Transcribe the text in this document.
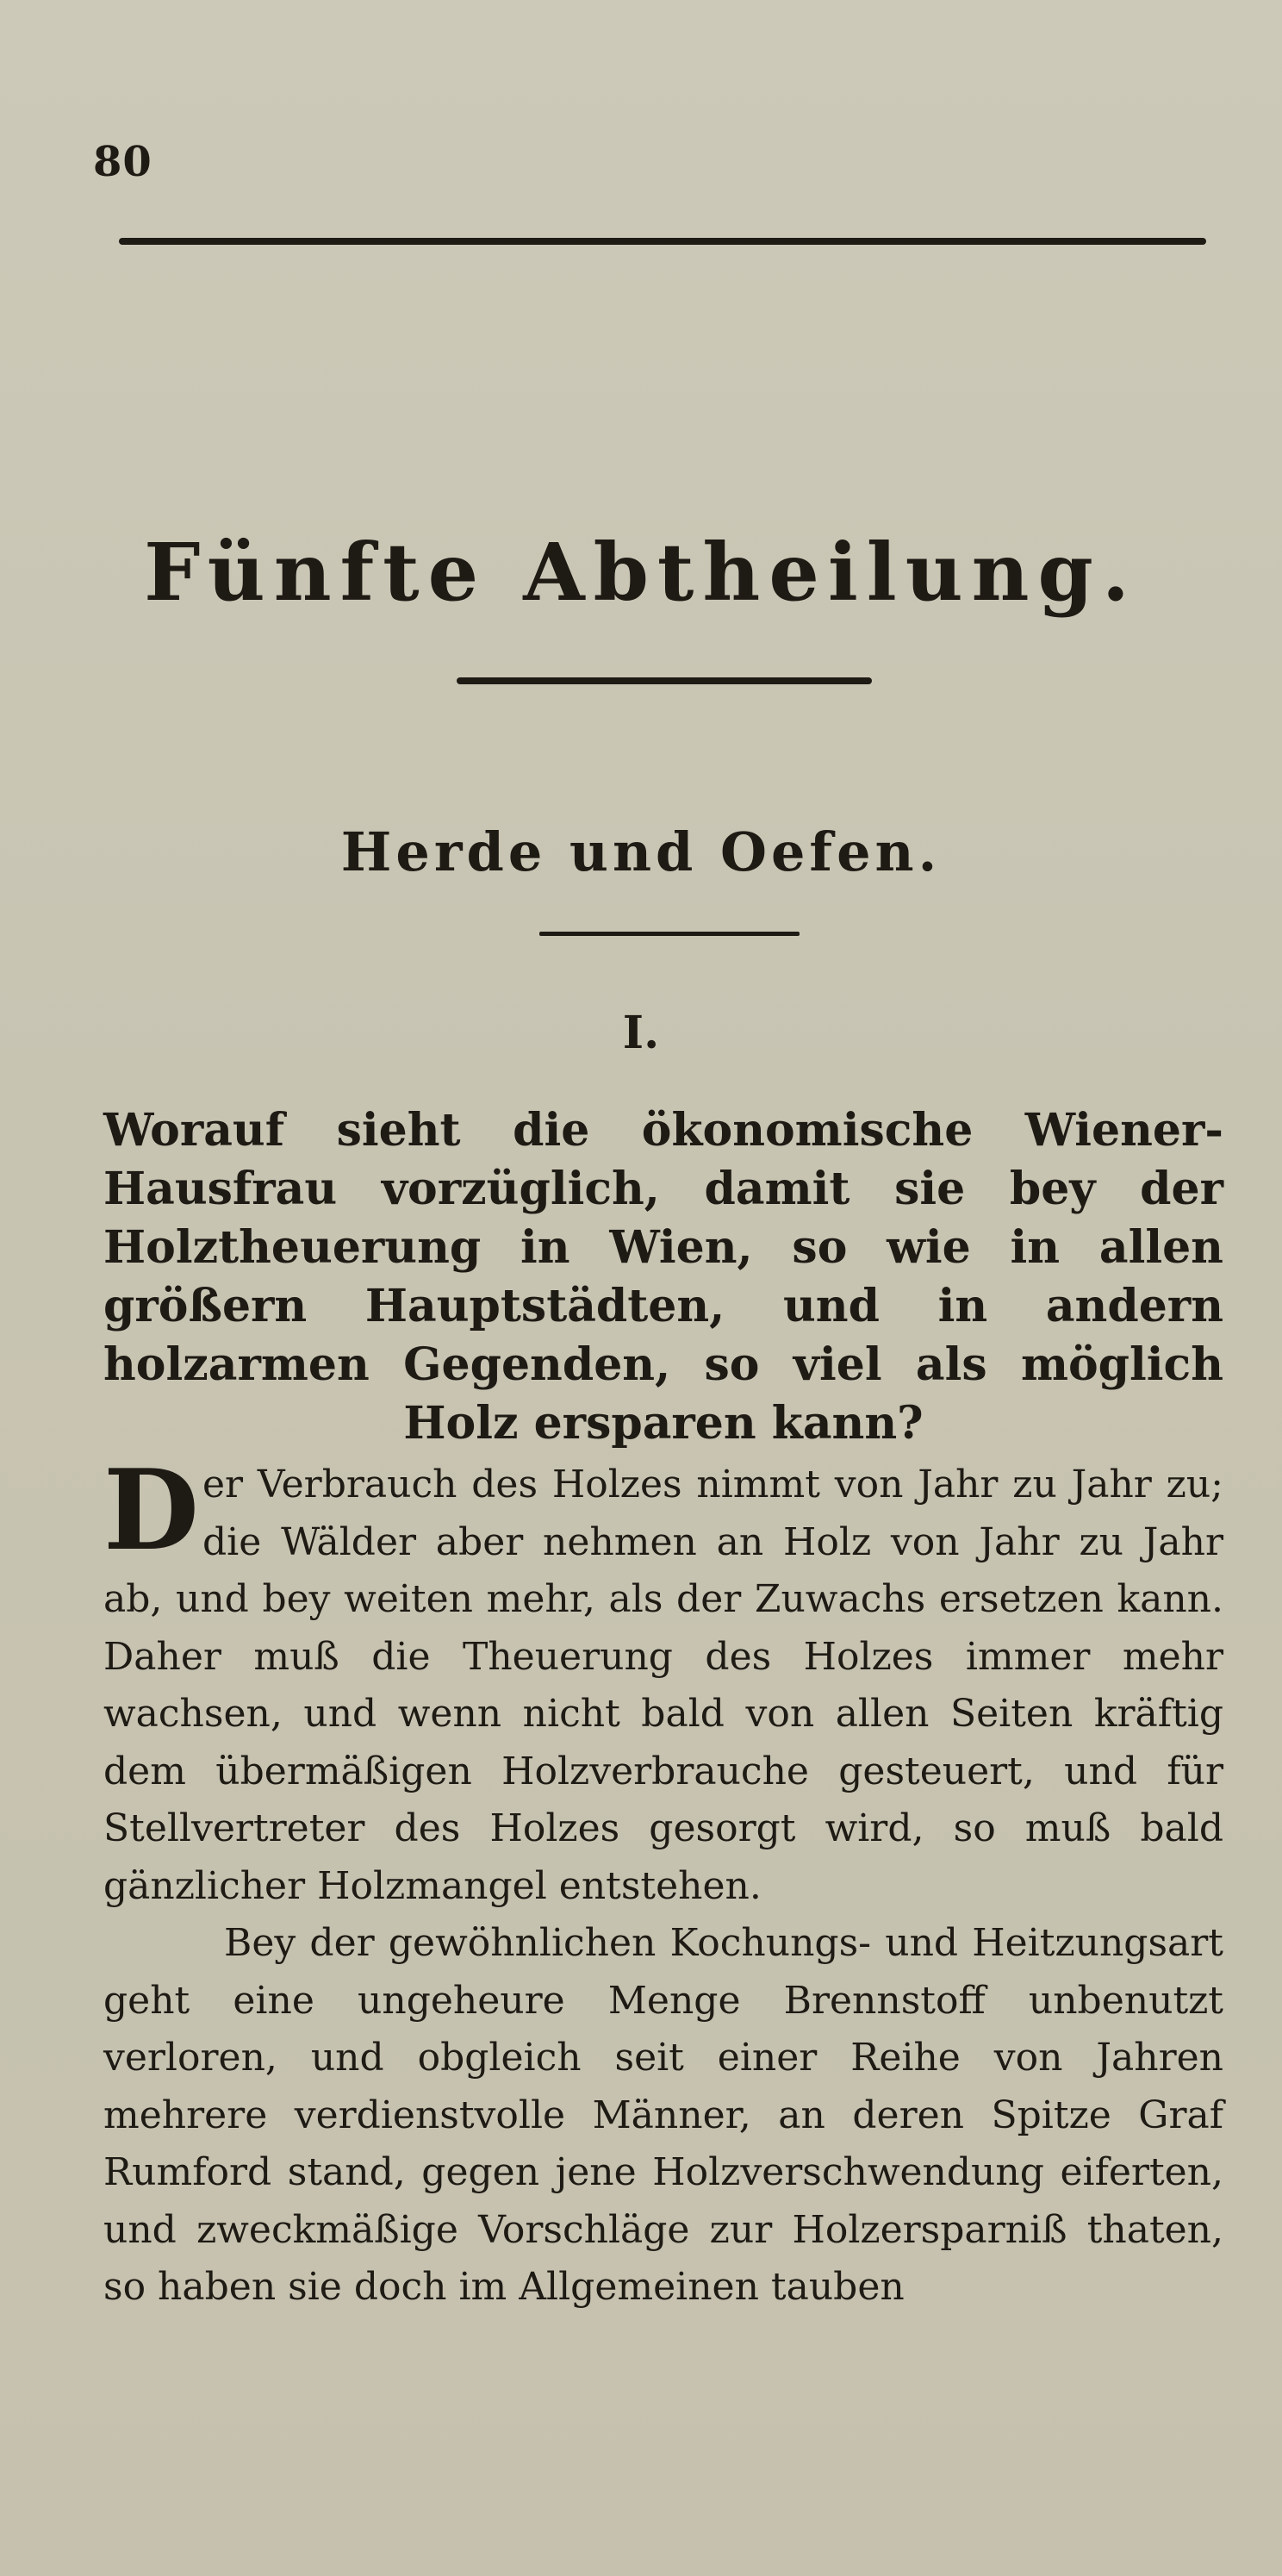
80
Fünfte Abtheilung.
Herde und Oefen.
I.
Worauf sieht die ökonomische Wiener-Hausfrau vorzüglich, damit sie bey der Holztheuerung in Wien, so wie in allen größern Hauptstädten, und in andern holzarmen Gegenden, so viel als möglich Holz ersparen kann?

Der Verbrauch des Holzes nimmt von Jahr zu Jahr zu; die Wälder aber nehmen an Holz von Jahr zu Jahr ab, und bey weiten mehr, als der Zuwachs ersetzen kann. Daher muß die Theuerung des Holzes immer mehr wachsen, und wenn nicht bald von allen Seiten kräftig dem übermäßigen Holzverbrauche gesteuert, und für Stellvertreter des Holzes gesorgt wird, so muß bald gänzlicher Holzmangel entstehen.

Bey der gewöhnlichen Kochungs- und Heitzungsart geht eine ungeheure Menge Brennstoff unbenutzt verloren, und obgleich seit einer Reihe von Jahren mehrere verdienstvolle Männer, an deren Spitze Graf Rumford stand, gegen jene Holzverschwendung eiferten, und zweckmäßige Vorschläge zur Holzersparniß thaten, so haben sie doch im Allgemeinen tauben
